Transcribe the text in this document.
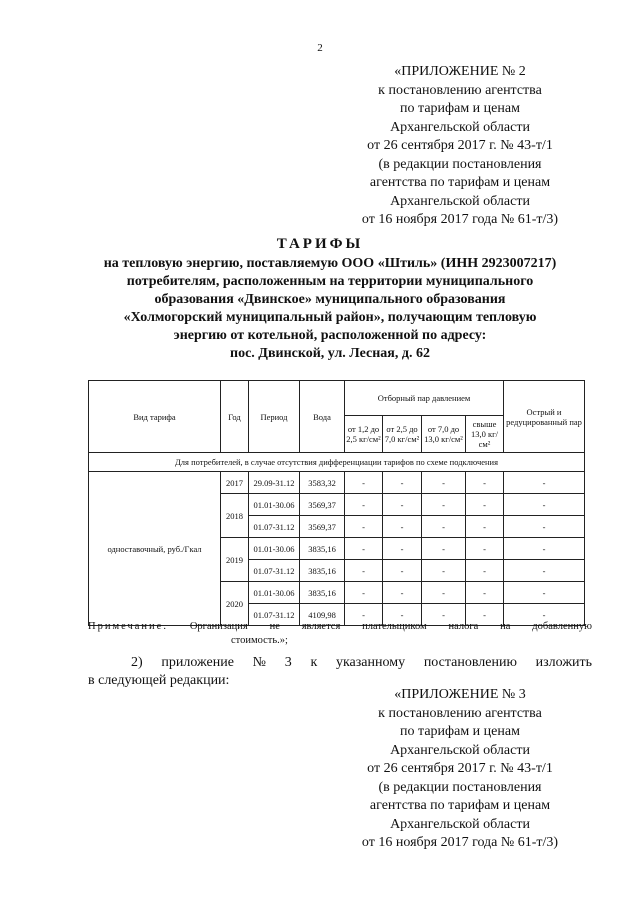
2
«ПРИЛОЖЕНИЕ № 2
к постановлению агентства
по тарифам и ценам
Архангельской области
от 26 сентября 2017 г. № 43-т/1
(в редакции постановления
агентства по тарифам и ценам
Архангельской области
от 16 ноября 2017 года № 61-т/3)
ТАРИФЫ
на тепловую энергию, поставляемую ООО «Штиль» (ИНН 2923007217)
потребителям, расположенным на территории муниципального
образования «Двинское» муниципального образования
«Холмогорский муниципальный район», получающим тепловую
энергию от котельной, расположенной по адресу:
пос. Двинской, ул. Лесная, д. 62
Вид тарифа	Год	Период	Вода	Отборный пар давлением				Острый и редуцированный пар
				от 1,2 до 2,5 кг/см²	от 2,5 до 7,0 кг/см²	от 7,0 до 13,0 кг/см²	свыше 13,0 кг/см²	
Для потребителей, в случае отсутствия дифференциации тарифов по схеме подключения								
одноставочный, руб./Гкал	2017	29.09-31.12	3583,32	-	-	-	-	-
	2018	01.01-30.06	3569,37	-	-	-	-	-
		01.07-31.12	3569,37	-	-	-	-	-
	2019	01.01-30.06	3835,16	-	-	-	-	-
		01.07-31.12	3835,16	-	-	-	-	-
	2020	01.01-30.06	3835,16	-	-	-	-	-
		01.07-31.12	4109,98	-	-	-	-	-
Примечание. Организация не является плательщиком налога на добавленную
стоимость.»;
2) приложение № 3 к указанному постановлению изложить
в следующей редакции:
«ПРИЛОЖЕНИЕ № 3
к постановлению агентства
по тарифам и ценам
Архангельской области
от 26 сентября 2017 г. № 43-т/1
(в редакции постановления
агентства по тарифам и ценам
Архангельской области
от 16 ноября 2017 года № 61-т/3)
